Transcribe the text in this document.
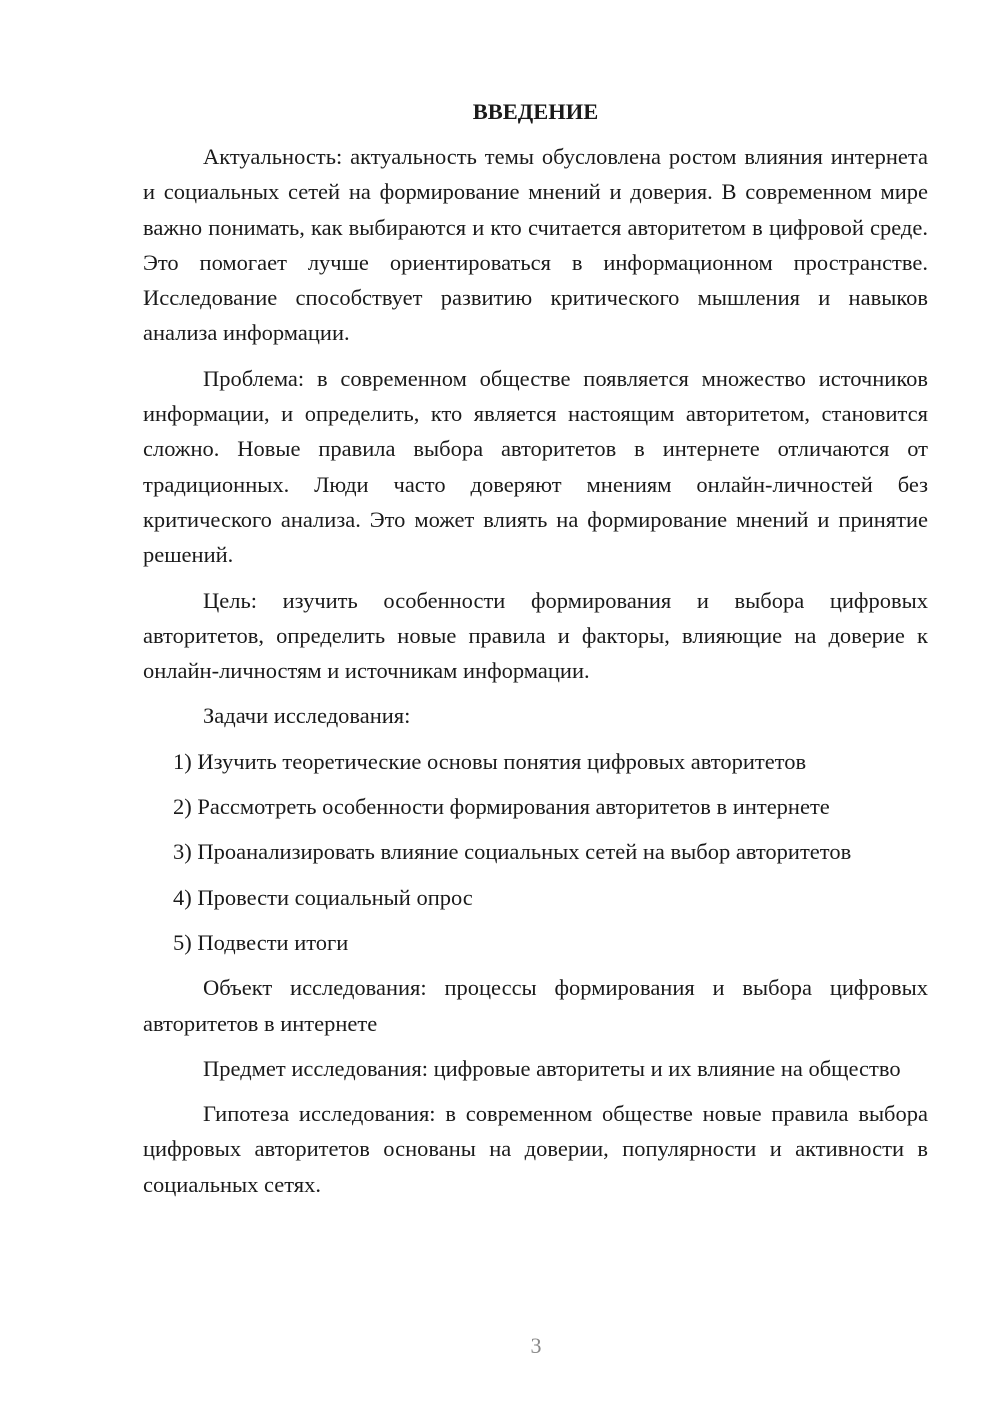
ВВЕДЕНИЕ

Актуальность: актуальность темы обусловлена ростом влияния интернета и социальных сетей на формирование мнений и доверия. В современном мире важно понимать, как выбираются и кто считается авторитетом в цифровой среде. Это помогает лучше ориентироваться в информационном пространстве. Исследование способствует развитию критического мышления и навыков анализа информации.

Проблема: в современном обществе появляется множество источников информации, и определить, кто является настоящим авторитетом, становится сложно. Новые правила выбора авторитетов в интернете отличаются от традиционных. Люди часто доверяют мнениям онлайн-личностей без критического анализа. Это может влиять на формирование мнений и принятие решений.

Цель: изучить особенности формирования и выбора цифровых авторитетов, определить новые правила и факторы, влияющие на доверие к онлайн-личностям и источникам информации.

Задачи исследования:

1) Изучить теоретические основы понятия цифровых авторитетов

2) Рассмотреть особенности формирования авторитетов в интернете

3) Проанализировать влияние социальных сетей на выбор авторитетов

4) Провести социальный опрос

5) Подвести итоги

Объект исследования: процессы формирования и выбора цифровых авторитетов в интернете

Предмет исследования: цифровые авторитеты и их влияние на общество

Гипотеза исследования: в современном обществе новые правила выбора цифровых авторитетов основаны на доверии, популярности и активности в социальных сетях.

3
